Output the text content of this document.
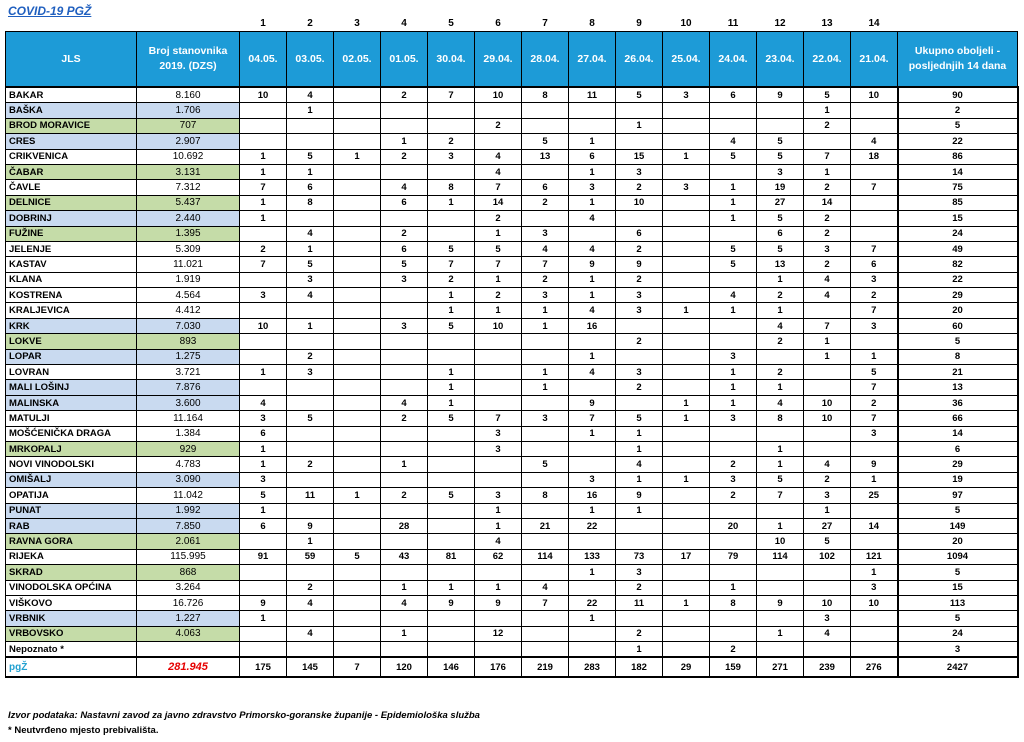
COVID-19 PGŽ
		1	2	3	4	5	6	7	8	9	10	11	12	13	14	
JLS	Broj stanovnika 2019. (DZS)	04.05.	03.05.	02.05.	01.05.	30.04.	29.04.	28.04.	27.04.	26.04.	25.04.	24.04.	23.04.	22.04.	21.04.	Ukupno oboljeli - posljednjih 14 dana
BAKAR	8.160	10	4		2	7	10	8	11	5	3	6	9	5	10	90
BAŠKA	1.706		1											1		2
BROD MORAVICE	707						2			1				2		5
CRES	2.907				1	2		5	1			4	5		4	22
CRIKVENICA	10.692	1	5	1	2	3	4	13	6	15	1	5	5	7	18	86
ČABAR	3.131	1	1				4		1	3			3	1		14
ČAVLE	7.312	7	6		4	8	7	6	3	2	3	1	19	2	7	75
DELNICE	5.437	1	8		6	1	14	2	1	10		1	27	14		85
DOBRINJ	2.440	1					2		4			1	5	2		15
FUŽINE	1.395		4		2		1	3		6			6	2		24
JELENJE	5.309	2	1		6	5	5	4	4	2		5	5	3	7	49
KASTAV	11.021	7	5		5	7	7	7	9	9		5	13	2	6	82
KLANA	1.919		3		3	2	1	2	1	2			1	4	3	22
KOSTRENA	4.564	3	4			1	2	3	1	3		4	2	4	2	29
KRALJEVICA	4.412					1	1	1	4	3	1	1	1		7	20
KRK	7.030	10	1		3	5	10	1	16				4	7	3	60
LOKVE	893									2			2	1		5
LOPAR	1.275		2						1			3		1	1	8
LOVRAN	3.721	1	3			1		1	4	3		1	2		5	21
MALI LOŠINJ	7.876					1		1		2		1	1		7	13
MALINSKA	3.600	4			4	1			9		1	1	4	10	2	36
MATULJI	11.164	3	5		2	5	7	3	7	5	1	3	8	10	7	66
MOŠĆENIČKA DRAGA	1.384	6					3		1	1					3	14
MRKOPALJ	929	1					3			1			1			6
NOVI VINODOLSKI	4.783	1	2		1			5		4		2	1	4	9	29
OMIŠALJ	3.090	3							3	1	1	3	5	2	1	19
OPATIJA	11.042	5	11	1	2	5	3	8	16	9		2	7	3	25	97
PUNAT	1.992	1					1		1	1				1		5
RAB	7.850	6	9		28		1	21	22			20	1	27	14	149
RAVNA GORA	2.061		1				4						10	5		20
RIJEKA	115.995	91	59	5	43	81	62	114	133	73	17	79	114	102	121	1094
SKRAD	868								1	3					1	5
VINODOLSKA OPĆINA	3.264		2		1	1	1	4		2		1			3	15
VIŠKOVO	16.726	9	4		4	9	9	7	22	11	1	8	9	10	10	113
VRBNIK	1.227	1							1					3		5
VRBOVSKO	4.063		4		1		12			2			1	4		24
Nepoznato *										1		2				3
pgŽ	281.945	175	145	7	120	146	176	219	283	182	29	159	271	239	276	2427
Izvor podataka: Nastavni zavod za javno zdravstvo Primorsko-goranske županije - Epidemiološka služba
* Neutvrđeno mjesto prebivališta.
